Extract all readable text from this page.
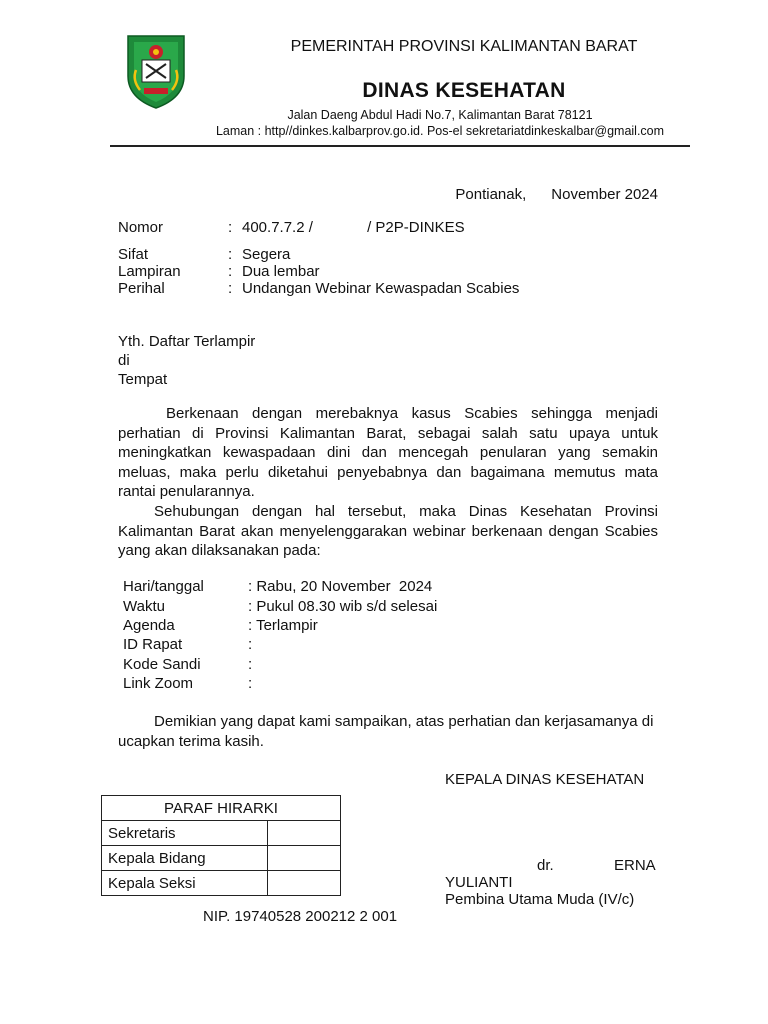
PEMERINTAH PROVINSI KALIMANTAN BARAT
DINAS KESEHATAN
Jalan Daeng Abdul Hadi No.7, Kalimantan Barat 78121
Laman : http//dinkes.kalbarprov.go.id. Pos-el sekretariatdinkeskalbar@gmail.com
Pontianak,      November 2024
Nomor	: 400.7.7.2 /             / P2P-DINKES
Sifat	: Segera
Lampiran	: Dua lembar
Perihal	: Undangan Webinar Kewaspadan Scabies
Yth. Daftar Terlampir
di
Tempat
Berkenaan dengan merebaknya kasus Scabies sehingga menjadi perhatian di Provinsi Kalimantan Barat, sebagai salah satu upaya untuk meningkatkan kewaspadaan dini dan mencegah penularan yang semakin meluas, maka perlu diketahui penyebabnya dan bagaimana memutus mata rantai penularannya.
Sehubungan dengan hal tersebut, maka Dinas Kesehatan Provinsi Kalimantan Barat akan menyelenggarakan webinar berkenaan dengan Scabies yang akan dilaksanakan pada:
Hari/tanggal	: Rabu, 20 November  2024
Waktu	: Pukul 08.30 wib s/d selesai
Agenda	: Terlampir
ID Rapat	:
Kode Sandi	:
Link Zoom	:
Demikian yang dapat kami sampaikan, atas perhatian dan kerjasamanya di ucapkan terima kasih.
KEPALA DINAS KESEHATAN
dr.	ERNA
YULIANTI
Pembina Utama Muda (IV/c)
NIP. 19740528 200212 2 001
PARAF HIRARKI	
Sekretaris	
Kepala Bidang	
Kepala Seksi	
